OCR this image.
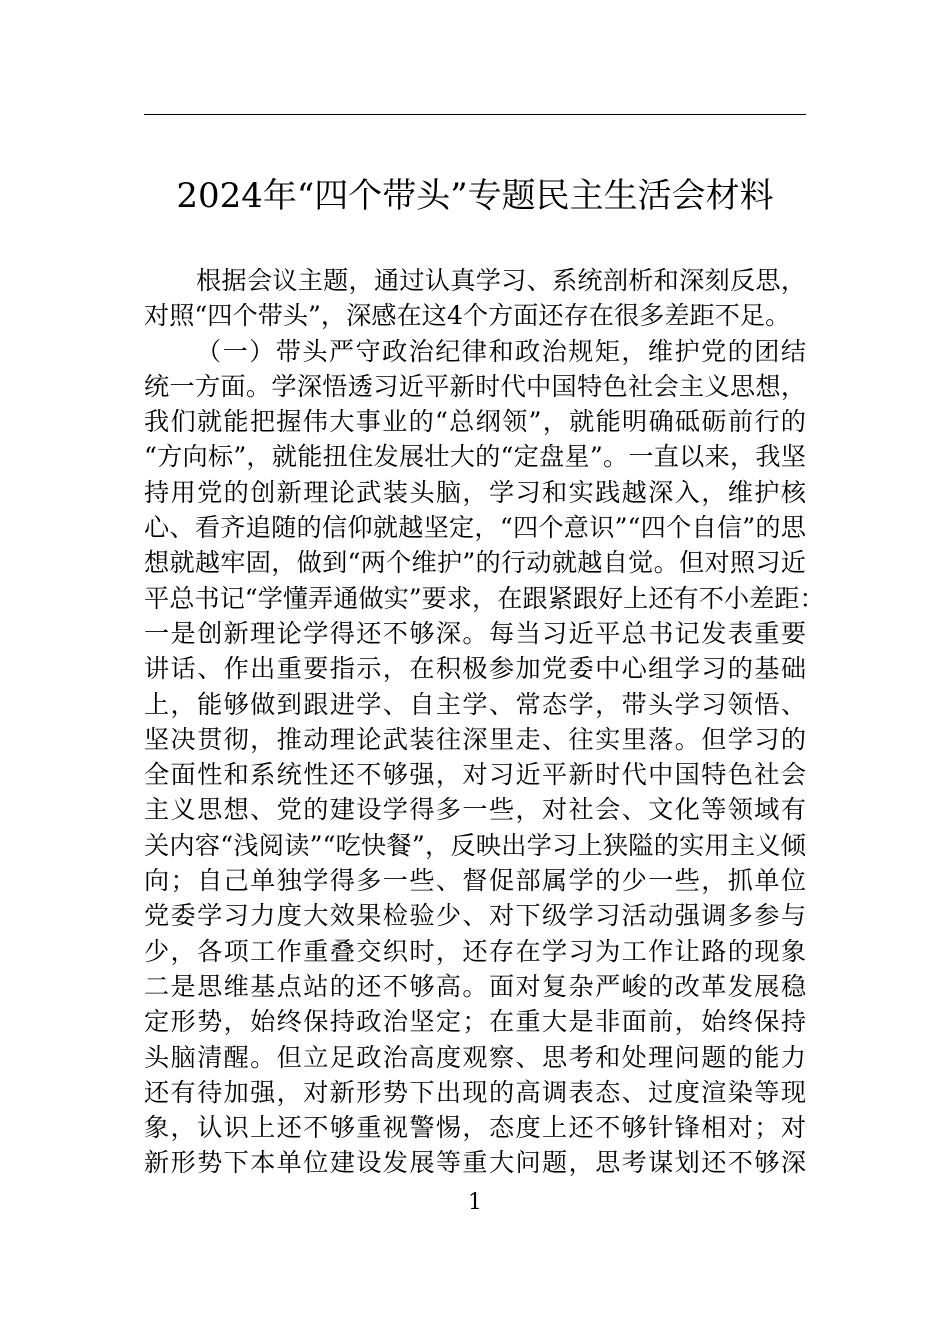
2024年“四个带头”专题民主生活会材料
根据会议主题，通过认真学习、系统剖析和深刻反思，
对照“四个带头”，深感在这4个方面还存在很多差距不足。
（一）带头严守政治纪律和政治规矩，维护党的团结
统一方面。学深悟透习近平新时代中国特色社会主义思想，
我们就能把握伟大事业的“总纲领”，就能明确砥砺前行的
“方向标”，就能扭住发展壮大的“定盘星”。一直以来，我坚
持用党的创新理论武装头脑，学习和实践越深入，维护核
心、看齐追随的信仰就越坚定，“四个意识”“四个自信”的思
想就越牢固，做到“两个维护”的行动就越自觉。但对照习近
平总书记“学懂弄通做实”要求，在跟紧跟好上还有不小差距：
一是创新理论学得还不够深。每当习近平总书记发表重要
讲话、作出重要指示，在积极参加党委中心组学习的基础
上，能够做到跟进学、自主学、常态学，带头学习领悟、
坚决贯彻，推动理论武装往深里走、往实里落。但学习的
全面性和系统性还不够强，对习近平新时代中国特色社会
主义思想、党的建设学得多一些，对社会、文化等领域有
关内容“浅阅读”“吃快餐”，反映出学习上狭隘的实用主义倾
向；自己单独学得多一些、督促部属学的少一些，抓单位
党委学习力度大效果检验少、对下级学习活动强调多参与
少，各项工作重叠交织时，还存在学习为工作让路的现象
二是思维基点站的还不够高。面对复杂严峻的改革发展稳
定形势，始终保持政治坚定；在重大是非面前，始终保持
头脑清醒。但立足政治高度观察、思考和处理问题的能力
还有待加强，对新形势下出现的高调表态、过度渲染等现
象，认识上还不够重视警惕，态度上还不够针锋相对；对
新形势下本单位建设发展等重大问题，思考谋划还不够深
1
